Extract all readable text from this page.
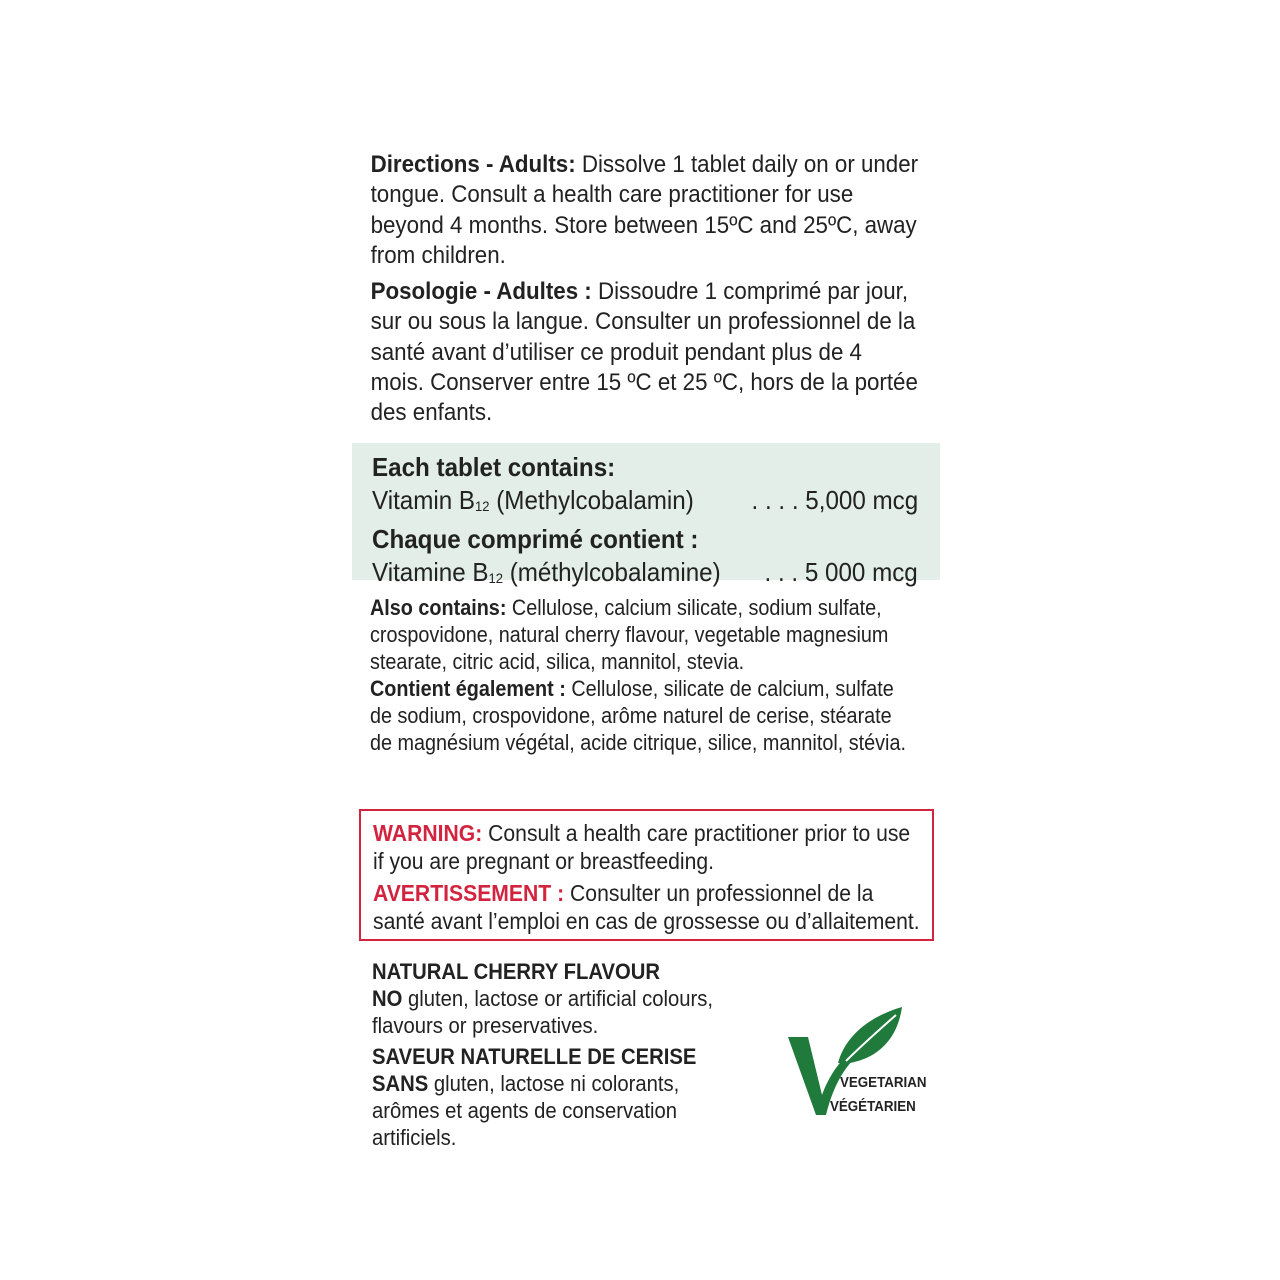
Directions - Adults: Dissolve 1 tablet daily on or under tongue. Consult a health care practitioner for use beyond 4 months. Store between 15ºC and 25ºC, away from children.
Posologie - Adultes : Dissoudre 1 comprimé par jour, sur ou sous la langue. Consulter un professionnel de la santé avant d’utiliser ce produit pendant plus de 4 mois. Conserver entre 15 ºC et 25 ºC, hors de la portée des enfants.
Each tablet contains:
Vitamin $B_{12}$ (Methylcobalamin) . . . . 5,000 mcg
Chaque comprimé contient :
Vitamine $B_{12}$ (méthylcobalamine) . . . 5 000 mcg
Also contains: Cellulose, calcium silicate, sodium sulfate, crospovidone, natural cherry flavour, vegetable magnesium stearate, citric acid, silica, mannitol, stevia.
Contient également : Cellulose, silicate de calcium, sulfate de sodium, crospovidone, arôme naturel de cerise, stéarate de magnésium végétal, acide citrique, silice, mannitol, stévia.
WARNING: Consult a health care practitioner prior to use if you are pregnant or breastfeeding.
AVERTISSEMENT : Consulter un professionnel de la santé avant l’emploi en cas de grossesse ou d’allaitement.
NATURAL CHERRY FLAVOUR
NO gluten, lactose or artificial colours, flavours or preservatives.
SAVEUR NATURELLE DE CERISE
SANS gluten, lactose ni colorants, arômes et agents de conservation artificiels.
VEGETARIAN
VÉGÉTARIEN
